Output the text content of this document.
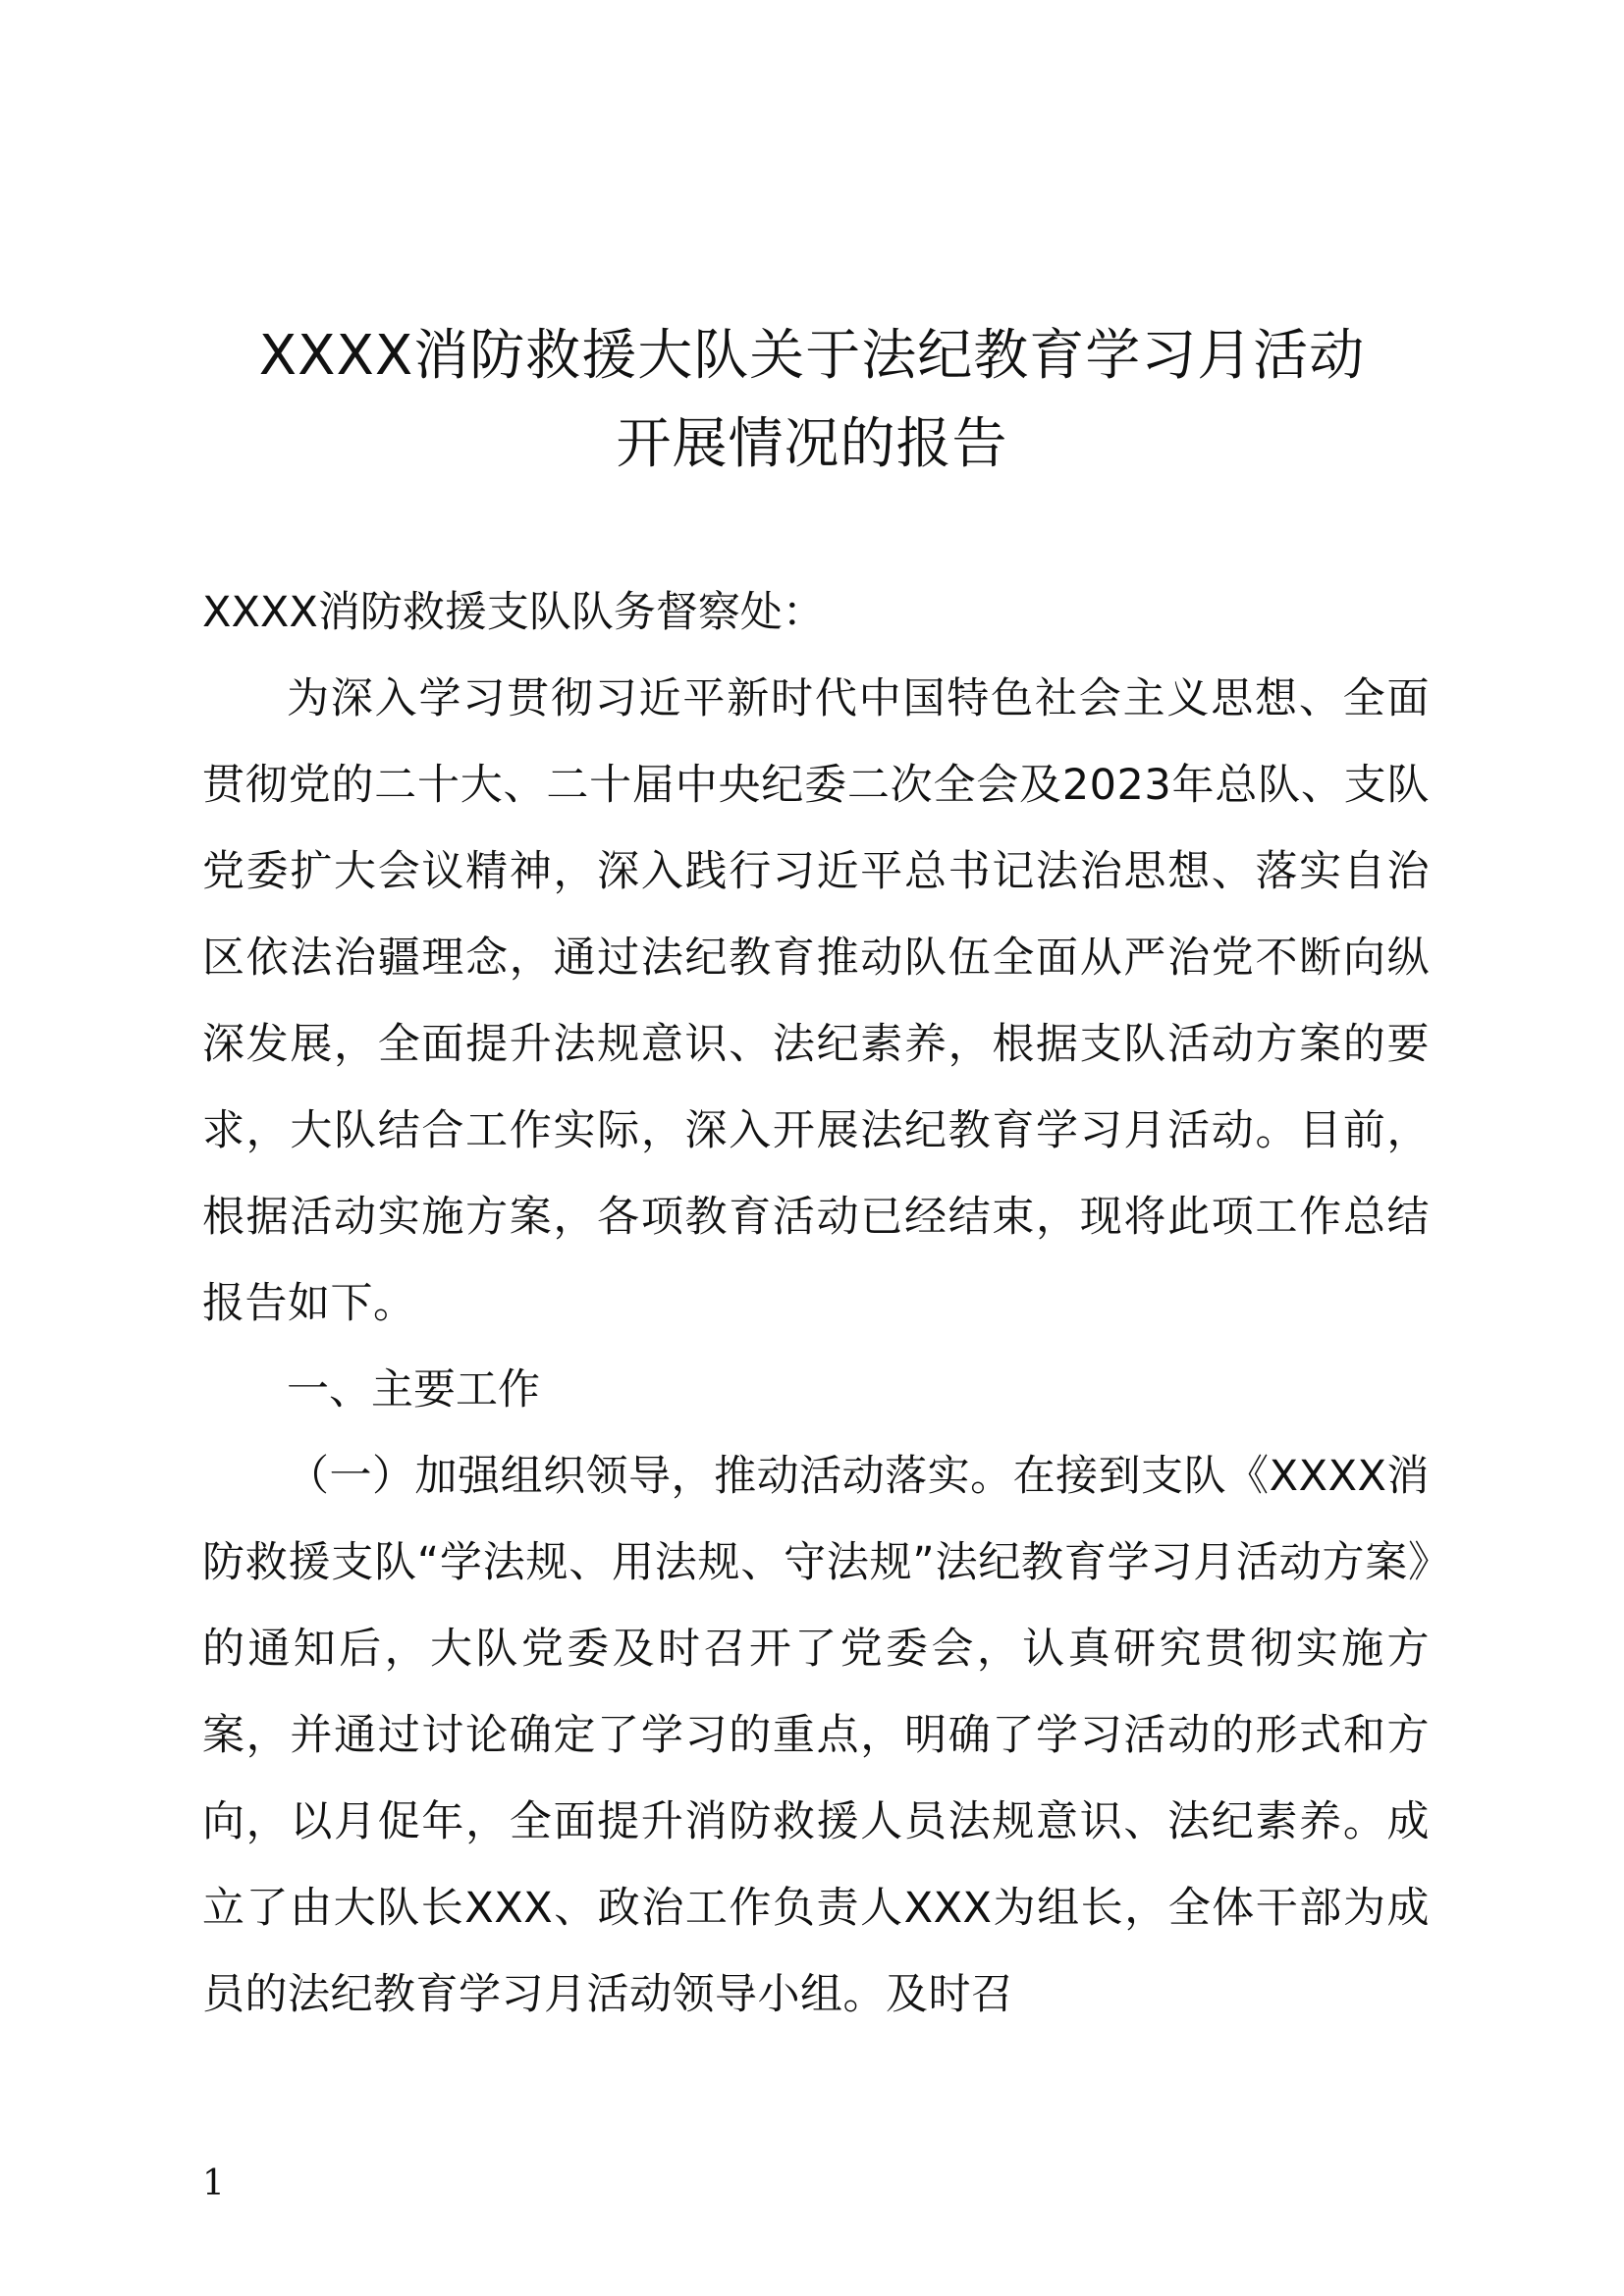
XXXX消防救援大队关于法纪教育学习月活动
开展情况的报告

XXXX消防救援支队队务督察处：

为深入学习贯彻习近平新时代中国特色社会主义思想、全面贯彻党的二十大、二十届中央纪委二次全会及2023年总队、支队党委扩大会议精神，深入践行习近平总书记法治思想、落实自治区依法治疆理念，通过法纪教育推动队伍全面从严治党不断向纵深发展，全面提升法规意识、法纪素养，根据支队活动方案的要求，大队结合工作实际，深入开展法纪教育学习月活动。目前，根据活动实施方案，各项教育活动已经结束，现将此项工作总结报告如下。

一、主要工作

（一）加强组织领导，推动活动落实。在接到支队《XXXX消防救援支队“学法规、用法规、守法规”法纪教育学习月活动方案》的通知后，大队党委及时召开了党委会，认真研究贯彻实施方案，并通过讨论确定了学习的重点，明确了学习活动的形式和方向，以月促年，全面提升消防救援人员法规意识、法纪素养。成立了由大队长XXX、政治工作负责人XXX为组长，全体干部为成员的法纪教育学习月活动领导小组。及时召

1
